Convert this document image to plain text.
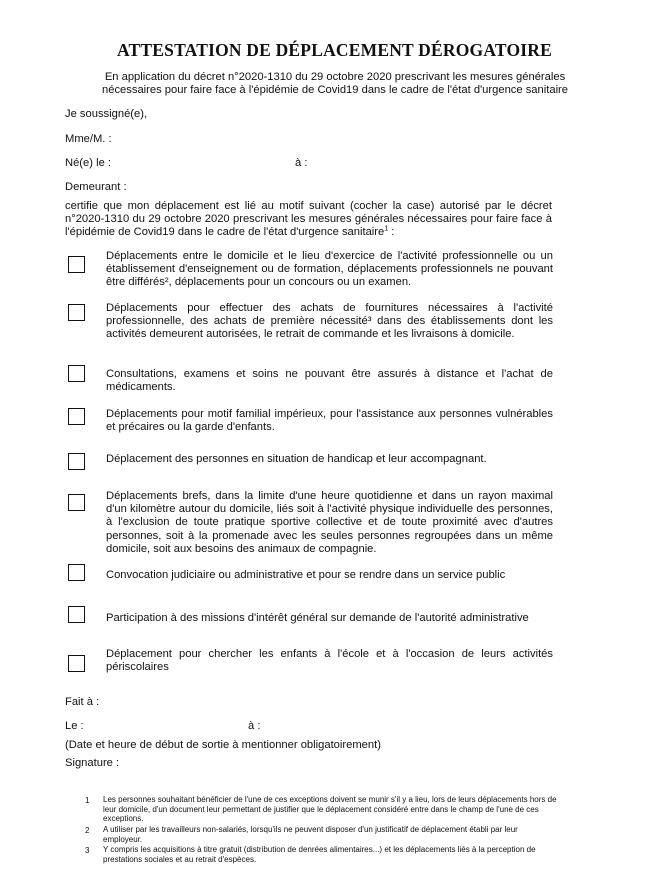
ATTESTATION DE DÉPLACEMENT DÉROGATOIRE
En application du décret n°2020-1310 du 29 octobre 2020 prescrivant les mesures générales
nécessaires pour faire face à l'épidémie de Covid19 dans le cadre de l'état d'urgence sanitaire
Je soussigné(e),
Mme/M. :
Né(e) le :	à :
Demeurant :
certifie que mon déplacement est lié au motif suivant (cocher la case) autorisé par le décret n°2020-1310 du 29 octobre 2020 prescrivant les mesures générales nécessaires pour faire face à l'épidémie de Covid19 dans le cadre de l'état d'urgence sanitaire$^1$ :
Déplacements entre le domicile et le lieu d'exercice de l'activité professionnelle ou un établissement d'enseignement ou de formation, déplacements professionnels ne pouvant être différés², déplacements pour un concours ou un examen.
Déplacements pour effectuer des achats de fournitures nécessaires à l'activité professionnelle, des achats de première nécessité³ dans des établissements dont les activités demeurent autorisées, le retrait de commande et les livraisons à domicile.
Consultations, examens et soins ne pouvant être assurés à distance et l'achat de médicaments.
Déplacements pour motif familial impérieux, pour l'assistance aux personnes vulnérables et précaires ou la garde d'enfants.
Déplacement des personnes en situation de handicap et leur accompagnant.
Déplacements brefs, dans la limite d'une heure quotidienne et dans un rayon maximal d'un kilomètre autour du domicile, liés soit à l'activité physique individuelle des personnes, à l'exclusion de toute pratique sportive collective et de toute proximité avec d'autres personnes, soit à la promenade avec les seules personnes regroupées dans un même domicile, soit aux besoins des animaux de compagnie.
Convocation judiciaire ou administrative et pour se rendre dans un service public
Participation à des missions d'intérêt général sur demande de l'autorité administrative
Déplacement pour chercher les enfants à l'école et à l'occasion de leurs activités périscolaires
Fait à :
Le :	à :
(Date et heure de début de sortie à mentionner obligatoirement)
Signature :
1 Les personnes souhaitant bénéficier de l'une de ces exceptions doivent se munir s'il y a lieu, lors de leurs déplacements hors de leur domicile, d'un document leur permettant de justifier que le déplacement considéré entre dans le champ de l'une de ces exceptions.
2 A utiliser par les travailleurs non-salariés, lorsqu'ils ne peuvent disposer d'un justificatif de déplacement établi par leur employeur.
3 Y compris les acquisitions à titre gratuit (distribution de denrées alimentaires...) et les déplacements liés à la perception de prestations sociales et au retrait d'espèces.
